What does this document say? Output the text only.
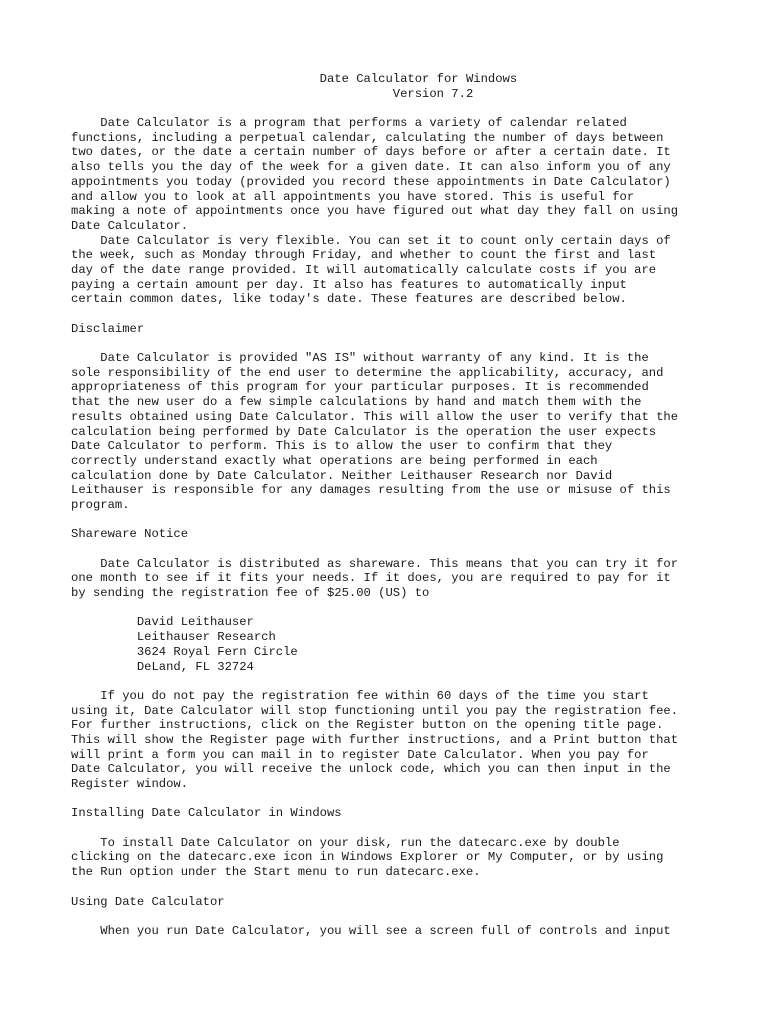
Date Calculator for Windows
Version 7.2
Date Calculator is a program that performs a variety of calendar related
functions, including a perpetual calendar, calculating the number of days between
two dates, or the date a certain number of days before or after a certain date. It
also tells you the day of the week for a given date. It can also inform you of any
appointments you today (provided you record these appointments in Date Calculator)
and allow you to look at all appointments you have stored. This is useful for
making a note of appointments once you have figured out what day they fall on using
Date Calculator.
Date Calculator is very flexible. You can set it to count only certain days of
the week, such as Monday through Friday, and whether to count the first and last
day of the date range provided. It will automatically calculate costs if you are
paying a certain amount per day. It also has features to automatically input
certain common dates, like today's date. These features are described below.
Disclaimer
Date Calculator is provided "AS IS" without warranty of any kind. It is the
sole responsibility of the end user to determine the applicability, accuracy, and
appropriateness of this program for your particular purposes. It is recommended
that the new user do a few simple calculations by hand and match them with the
results obtained using Date Calculator. This will allow the user to verify that the
calculation being performed by Date Calculator is the operation the user expects
Date Calculator to perform. This is to allow the user to confirm that they
correctly understand exactly what operations are being performed in each
calculation done by Date Calculator. Neither Leithauser Research nor David
Leithauser is responsible for any damages resulting from the use or misuse of this
program.
Shareware Notice
Date Calculator is distributed as shareware. This means that you can try it for
one month to see if it fits your needs. If it does, you are required to pay for it
by sending the registration fee of $25.00 (US) to
David Leithauser
Leithauser Research
3624 Royal Fern Circle
DeLand, FL 32724
If you do not pay the registration fee within 60 days of the time you start
using it, Date Calculator will stop functioning until you pay the registration fee.
For further instructions, click on the Register button on the opening title page.
This will show the Register page with further instructions, and a Print button that
will print a form you can mail in to register Date Calculator. When you pay for
Date Calculator, you will receive the unlock code, which you can then input in the
Register window.
Installing Date Calculator in Windows
To install Date Calculator on your disk, run the datecarc.exe by double
clicking on the datecarc.exe icon in Windows Explorer or My Computer, or by using
the Run option under the Start menu to run datecarc.exe.
Using Date Calculator
When you run Date Calculator, you will see a screen full of controls and input
